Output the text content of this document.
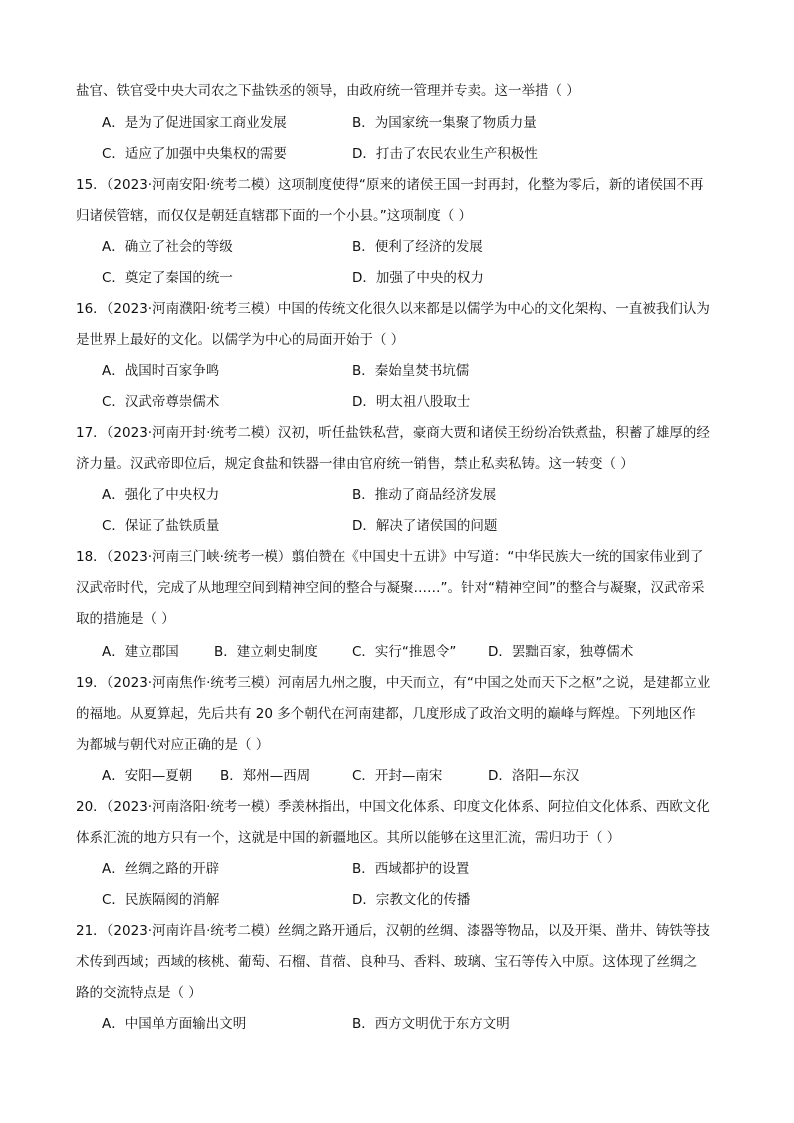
盐官、铁官受中央大司农之下盐铁丞的领导，由政府统一管理并专卖。这一举措（ ）
A．是为了促进国家工商业发展	B．为国家统一集聚了物质力量
C．适应了加强中央集权的需要	D．打击了农民农业生产积极性
15．（2023·河南安阳·统考二模）这项制度使得“原来的诸侯王国一封再封，化整为零后，新的诸侯国不再
归诸侯管辖，而仅仅是朝廷直辖郡下面的一个小县。”这项制度（ ）
A．确立了社会的等级	B．便利了经济的发展
C．奠定了秦国的统一	D．加强了中央的权力
16．（2023·河南濮阳·统考三模）中国的传统文化很久以来都是以儒学为中心的文化架构、一直被我们认为
是世界上最好的文化。以儒学为中心的局面开始于（ ）
A．战国时百家争鸣	B．秦始皇焚书坑儒
C．汉武帝尊崇儒术	D．明太祖八股取士
17．（2023·河南开封·统考二模）汉初，听任盐铁私营，豪商大贾和诸侯王纷纷冶铁煮盐，积蓄了雄厚的经
济力量。汉武帝即位后，规定食盐和铁器一律由官府统一销售，禁止私卖私铸。这一转变（ ）
A．强化了中央权力	B．推动了商品经济发展
C．保证了盐铁质量	D．解决了诸侯国的问题
18．（2023·河南三门峡·统考一模）翦伯赞在《中国史十五讲》中写道：“中华民族大一统的国家伟业到了
汉武帝时代，完成了从地理空间到精神空间的整合与凝聚……”。针对“精神空间”的整合与凝聚，汉武帝采
取的措施是（ ）
A．建立郡国	B．建立刺史制度	C．实行“推恩令” D．罢黜百家，独尊儒术
19．（2023·河南焦作·统考三模）河南居九州之腹，中天而立，有“中国之处而天下之枢”之说，是建都立业
的福地。从夏算起，先后共有 20 多个朝代在河南建都，几度形成了政治文明的巅峰与辉煌。下列地区作
为都城与朝代对应正确的是（ ）
A．安阳—夏朝 B．郑州—西周	C．开封—南宋	D．洛阳—东汉
20．（2023·河南洛阳·统考一模）季羡林指出，中国文化体系、印度文化体系、阿拉伯文化体系、西欧文化
体系汇流的地方只有一个，这就是中国的新疆地区。其所以能够在这里汇流，需归功于（ ）
A．丝绸之路的开辟	B．西域都护的设置
C．民族隔阂的消解	D．宗教文化的传播
21．（2023·河南许昌·统考二模）丝绸之路开通后，汉朝的丝绸、漆器等物品，以及开渠、凿井、铸铁等技
术传到西域；西域的核桃、葡萄、石榴、苜蓿、良种马、香料、玻璃、宝石等传入中原。这体现了丝绸之
路的交流特点是（ ）
A．中国单方面输出文明	B．西方文明优于东方文明
